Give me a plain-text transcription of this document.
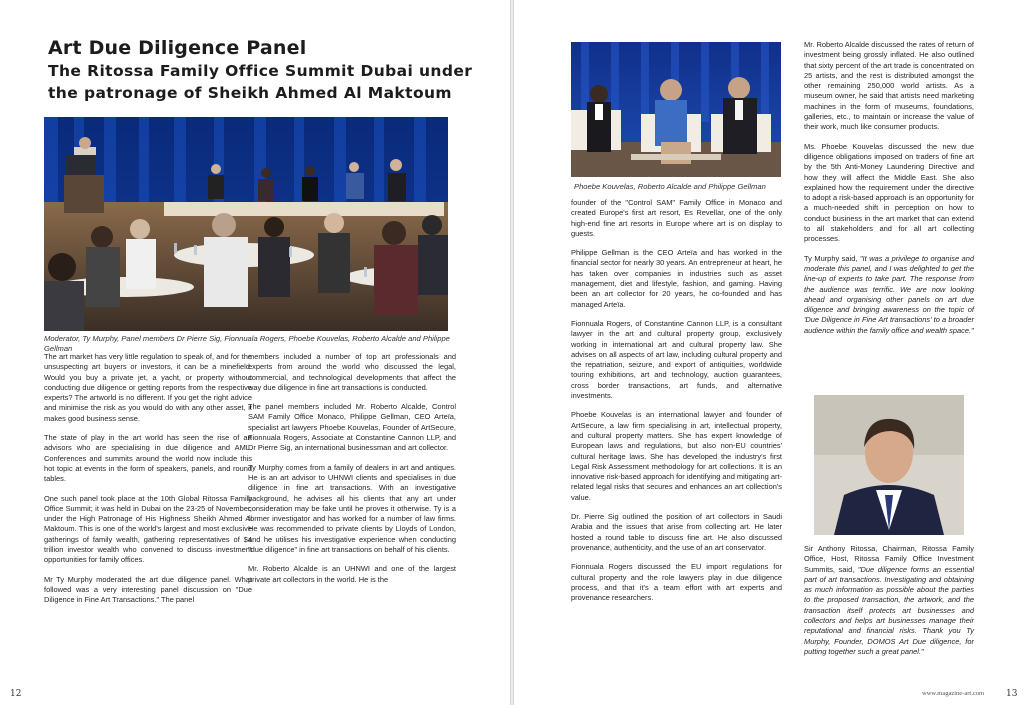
Art Due Diligence Panel
The Ritossa Family Office Summit Dubai under the patronage of Sheikh Ahmed Al Maktoum
Moderator, Ty Murphy, Panel members Dr Pierre Sig, Fionnuala Rogers, Phoebe Kouvelas, Roberto Alcalde and Philippe Gellman

The art market has very little regulation to speak of, and for the unsuspecting art buyers or investors, it can be a minefield. Would you buy a private jet, a yacht, or property without conducting due diligence or getting reports from the respective experts? The artworld is no different. If you get the right advice and minimise the risk as you would do with any other asset, it makes good business sense.

The state of play in the art world has seen the rise of art advisors who are specialising in due diligence and AML. Conferences and summits around the world now include this hot topic at events in the form of speakers, panels, and round tables.

One such panel took place at the 10th Global Ritossa Family Office Summit; it was held in Dubai on the 23-25 of November, under the High Patronage of His Highness Sheikh Ahmed Al Maktoum. This is one of the world's largest and most exclusive gatherings of family wealth, gathering representatives of $4 trillion investor wealth who convened to discuss investment opportunities for family offices.

Mr Ty Murphy moderated the art due diligence panel. What followed was a very interesting panel discussion on "Due Diligence in Fine Art Transactions." The panel

members included a number of top art professionals and experts from around the world who discussed the legal, commercial, and technological developments that affect the way due diligence in fine art transactions is conducted.

The panel members included Mr. Roberto Alcalde, Control SAM Family Office Monaco, Philippe Gellman, CEO Arteïa, specialist art lawyers Phoebe Kouvelas, Founder of ArtSecure, Fionnuala Rogers, Associate at Constantine Cannon LLP, and Dr Pierre Sig, an international businessman and art collector.

Ty Murphy comes from a family of dealers in art and antiques. He is an art advisor to UHNWI clients and specialises in due diligence in fine art transactions. With an investigative background, he advises all his clients that any art under consideration may be fake until he proves it otherwise. Ty is a former investigator and has worked for a number of law firms. He was recommended to private clients by Lloyds of London, and he utilises his investigative experience when conducting "due diligence" in fine art transactions on behalf of his clients.

Mr. Roberto Alcalde is an UHNWI and one of the largest private art collectors in the world. He is the

12
Phoebe Kouvelas, Roberto Alcalde and Philippe Gellman

founder of the "Control SAM" Family Office in Monaco and created Europe's first art resort, Es Revellar, one of the only high-end fine art resorts in Europe where art is on display to guests.

Philippe Gellman is the CEO Arteïa and has worked in the financial sector for nearly 30 years. An entrepreneur at heart, he has taken over companies in industries such as asset management, diet and lifestyle, fashion, and gaming. Having been an art collector for 20 years, he co-founded and has managed Arteïa.

Fionnuala Rogers, of Constantine Cannon LLP, is a consultant lawyer in the art and cultural property group, exclusively working in international art and cultural property law. She advises on all aspects of art law, including cultural property and the repatriation, seizure, and export of antiquities, worldwide touring exhibitions, art and technology, auction guarantees, cross border transactions, art funds, and alternative investments.

Phoebe Kouvelas is an international lawyer and founder of ArtSecure, a law firm specialising in art, intellectual property, and cultural property matters. She has expert knowledge of European laws and regulations, but also non-EU countries' cultural heritage laws. She has developed the industry's first Legal Risk Assessment methodology for art collections. It is an innovative risk-based approach for identifying and mitigating art-related legal risks that secures and enhances an art collection's value.

Dr. Pierre Sig outlined the position of art collectors in Saudi Arabia and the issues that arise from collecting art. He later hosted a round table to discuss fine art. He also discussed provenance, authenticity, and the use of an art conservator.

Fionnuala Rogers discussed the EU import regulations for cultural property and the role lawyers play in due diligence process, and that it's a team effort with art experts and provenance researchers.

Mr. Roberto Alcalde discussed the rates of return of investment being grossly inflated. He also outlined that sixty percent of the art trade is concentrated on 25 artists, and the rest is distributed amongst the other remaining 250,000 world artists. As a museum owner, he said that artists need marketing machines in the form of museums, foundations, galleries, etc., to maintain or increase the value of their work, much like consumer products.

Ms. Phoebe Kouvelas discussed the new due diligence obligations imposed on traders of fine art by the 5th Anti-Money Laundering Directive and how they will affect the Middle East. She also explained how the requirement under the directive to adopt a risk-based approach is an opportunity for a much-needed shift in perception on how to conduct business in the art market that can extend to all stakeholders and for all art collecting processes.

Ty Murphy said, "It was a privilege to organise and moderate this panel, and I was delighted to get the line-up of experts to take part. The response from the audience was terrific. We are now looking ahead and organising other panels on art due diligence and bringing awareness on the topic of 'Due Diligence in Fine Art transactions' to a broader audience within the family office and wealth space."

Sir Anthony Ritossa, Chairman, Ritossa Family Office, Host, Ritossa Family Office Investment Summits, said, "Due diligence forms an essential part of art transactions. Investigating and obtaining as much information as possible about the parties to the proposed transaction, the artwork, and the transaction itself protects art businesses and collectors and helps art businesses manage their reputational and financial risks. Thank you Ty Murphy, Founder, DOMOS Art Due diligence, for putting together such a great panel."

www.magazine-art.com 13
